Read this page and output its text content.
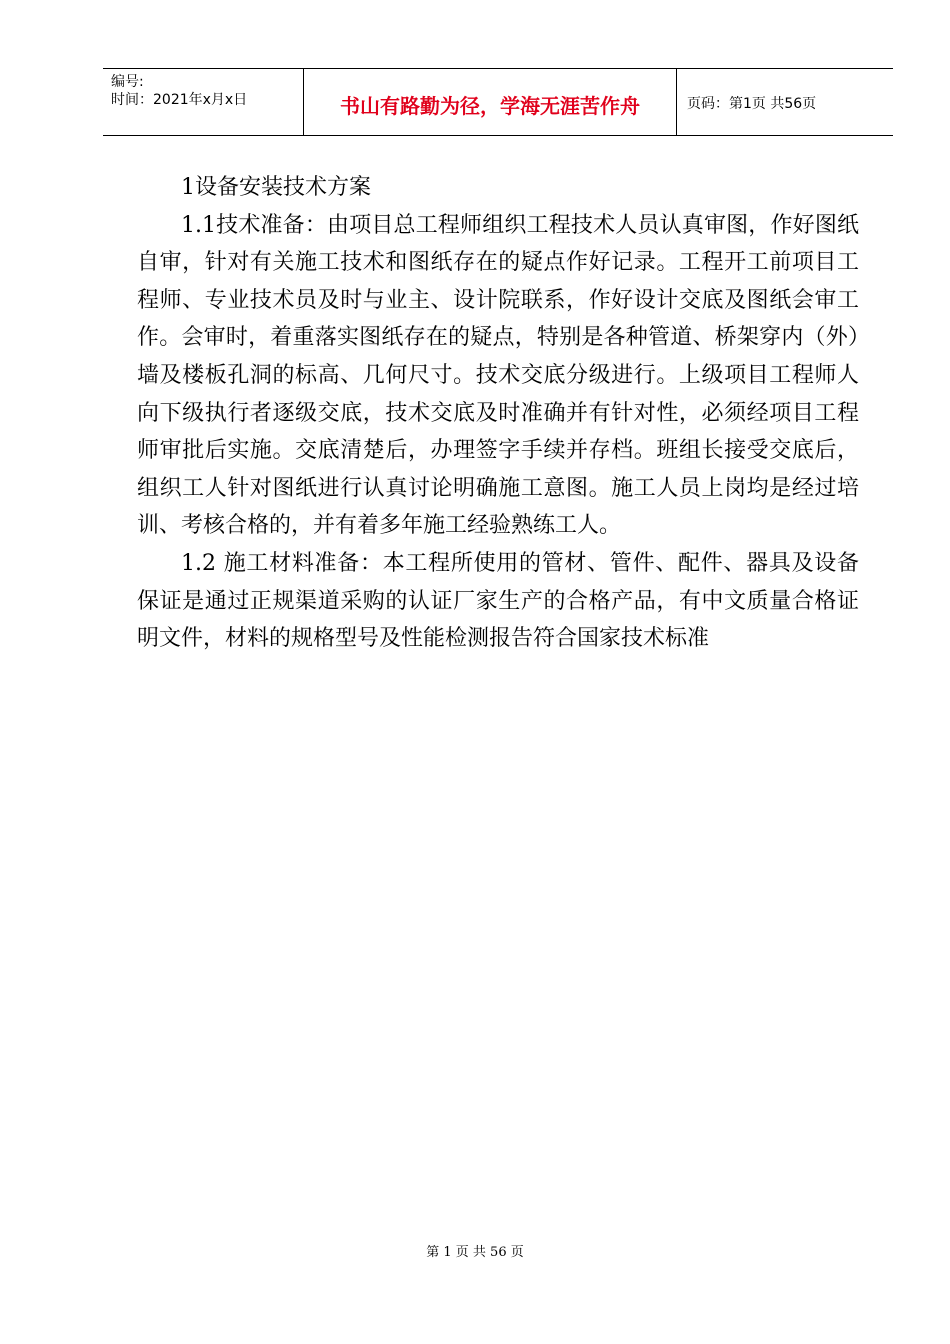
编号:
时间：2021年x月x日	书山有路勤为径，学海无涯苦作舟	页码：第1页 共56页

1设备安装技术方案

1.1技术准备：由项目总工程师组织工程技术人员认真审图，作好图纸自审，针对有关施工技术和图纸存在的疑点作好记录。工程开工前项目工程师、专业技术员及时与业主、设计院联系，作好设计交底及图纸会审工作。会审时，着重落实图纸存在的疑点，特别是各种管道、桥架穿内（外）墙及楼板孔洞的标高、几何尺寸。技术交底分级进行。上级项目工程师人向下级执行者逐级交底，技术交底及时准确并有针对性，必须经项目工程师审批后实施。交底清楚后，办理签字手续并存档。班组长接受交底后，组织工人针对图纸进行认真讨论明确施工意图。施工人员上岗均是经过培训、考核合格的，并有着多年施工经验熟练工人。

1.2 施工材料准备：本工程所使用的管材、管件、配件、器具及设备保证是通过正规渠道采购的认证厂家生产的合格产品，有中文质量合格证明文件，材料的规格型号及性能检测报告符合国家技术标准

第 1 页 共 56 页
